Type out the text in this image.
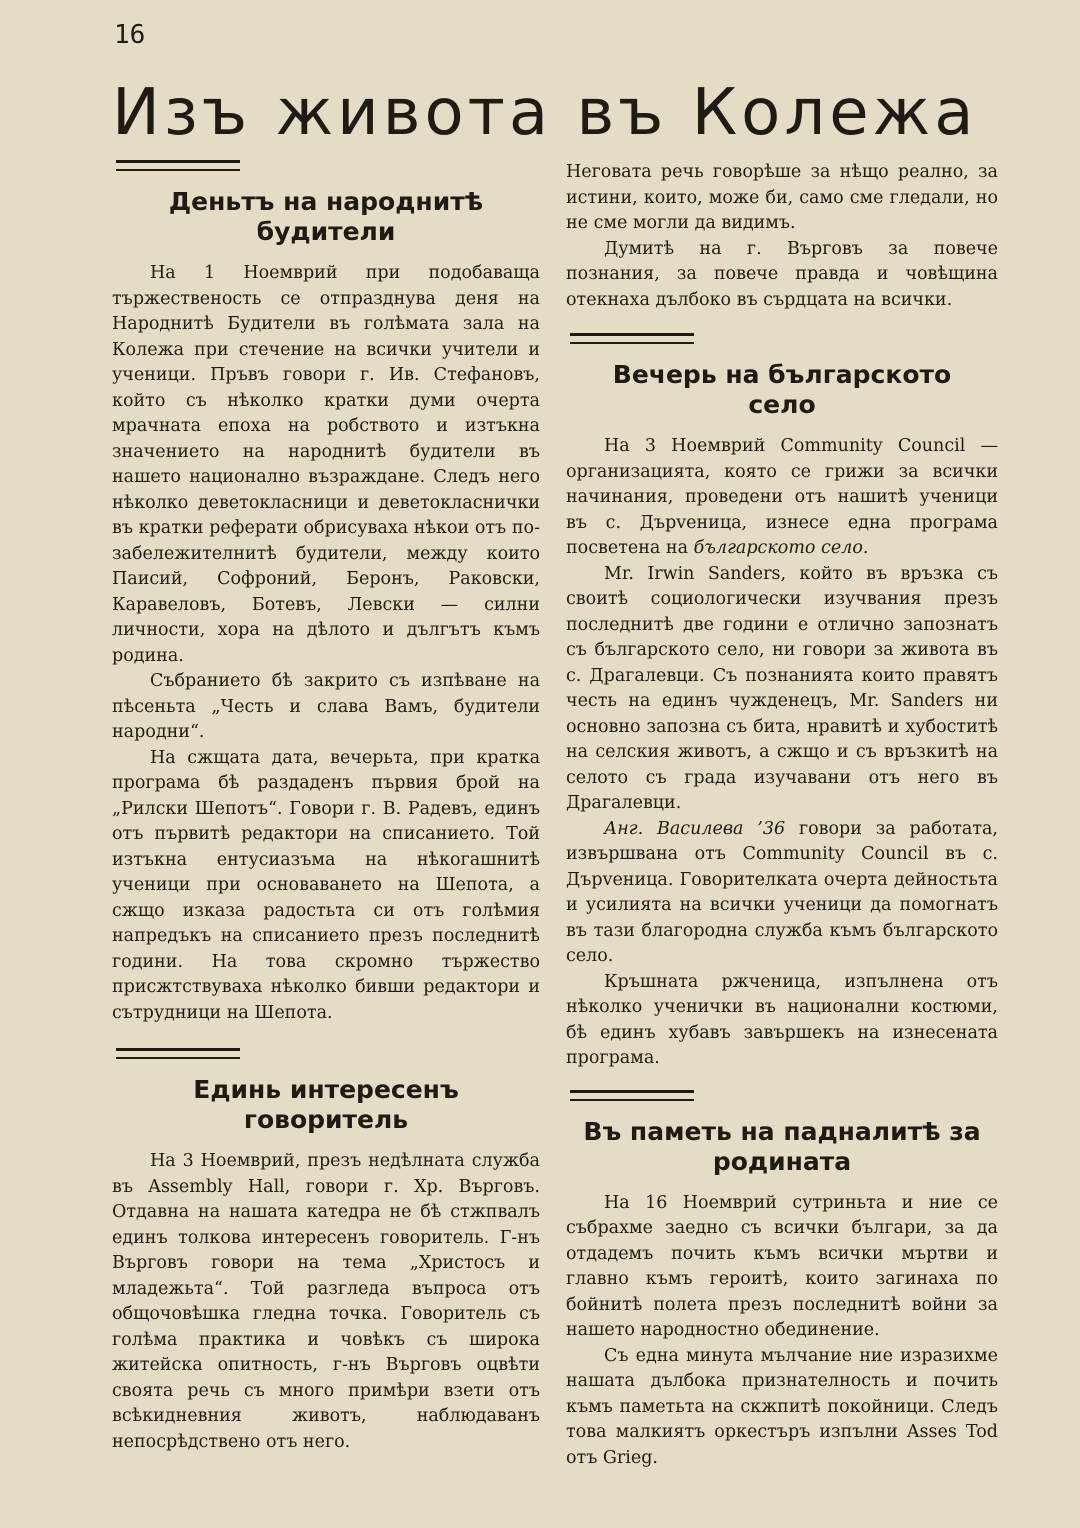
16
Изъ живота въ Колежа
Деньтъ на народнитѣ
будители

На 1 Ноемврий при подобаваща тържественость се отпразднува деня на Народнитѣ Будители въ голѣмата зала на Колежа при стечение на всички учители и ученици. Пръвъ говори г. Ив. Стефановъ, който съ нѣколко кратки думи очерта мрачната епоха на робството и изтъкна значението на народнитѣ будители въ нашето национално възраждане. Следъ него нѣколко деветокласници и деветокласнички въ кратки реферати обрисуваха нѣкои отъ по-забележителнитѣ будители, между които Паисий, Софроний, Беронъ, Раковски, Каравеловъ, Ботевъ, Левски — силни личности, хора на дѣлото и дългътъ къмъ родина.

Събранието бѣ закрито съ изпѣване на пѣсеньта „Честь и слава Вамъ, будители народни“.

На сжщата дата, вечерьта, при кратка програма бѣ раздаденъ първия брой на „Рилски Шепотъ“. Говори г. В. Радевъ, единъ отъ първитѣ редактори на списанието. Той изтъкна ентусиазъма на нѣкогашнитѣ ученици при основаването на Шепота, а сжщо изказа радостьта си отъ голѣмия напредъкъ на списанието презъ последнитѣ години. На това скромно тържество присжтствуваха нѣколко бивши редактори и сътрудници на Шепота.

Единь интересенъ
говоритель

На 3 Ноемврий, презъ недѣлната служба въ Assembly Hall, говори г. Хр. Върговъ. Отдавна на нашата катедра не бѣ стжпвалъ единъ толкова интересенъ говоритель. Г-нъ Върговъ говори на тема „Христосъ и младежьта“. Той разгледа въпроса отъ общочовѣшка гледна точка. Говоритель съ голѣма практика и човѣкъ съ широка житейска опитность, г-нъ Върговъ оцвѣти своята речь съ много примѣри взети отъ всѣкидневния животъ, наблюдаванъ непосрѣдствено отъ него.

Неговата речь говорѣше за нѣщо реално, за истини, които, може би, само сме гледали, но не сме могли да видимъ.

Думитѣ на г. Върговъ за повече познания, за повече правда и човѣщина отекнаха дълбоко въ сърдцата на всички.

Вечерь на българското
село

На 3 Ноемврий Community Council — организацията, която се грижи за всички начинания, проведени отъ нашитѣ ученици въ с. Дърveница, изнесе една програма посветена на българското село.

Mr. Irwin Sanders, който въ връзка съ своитѣ социологически изучвания презъ последнитѣ две години е отлично запознатъ съ българското село, ни говори за живота въ с. Драгалевци. Съ познанията които правятъ честь на единъ чужденецъ, Mr. Sanders ни основно запозна съ бита, нравитѣ и хубоститѣ на селския животъ, а сжщо и съ връзкитѣ на селото съ града изучавани отъ него въ Драгалевци.

Анг. Василева ’36 говори за работата, извършвана отъ Community Council въ с. Дърveница. Говорителката очерта дейностьта и усилията на всички ученици да помогнатъ въ тази благородна служба къмъ българското село.

Кръшната ржченица, изпълнена отъ нѣколко ученички въ национални костюми, бѣ единъ хубавъ завършекъ на изнесената програма.

Въ паметь на падналитѣ за
родината

На 16 Ноемврий сутриньта и ние се събрахме заедно съ всички българи, за да отдадемъ почить къмъ всички мъртви и главно къмъ героитѣ, които загинаха по бойнитѣ полета презъ последнитѣ войни за нашето народностно обединение.

Съ една минута мълчание ние изразихме нашата дълбока признателность и почить къмъ паметьта на скжпитѣ покойници. Следъ това малкиятъ оркестъръ изпълни Asses Tod отъ Grieg.
